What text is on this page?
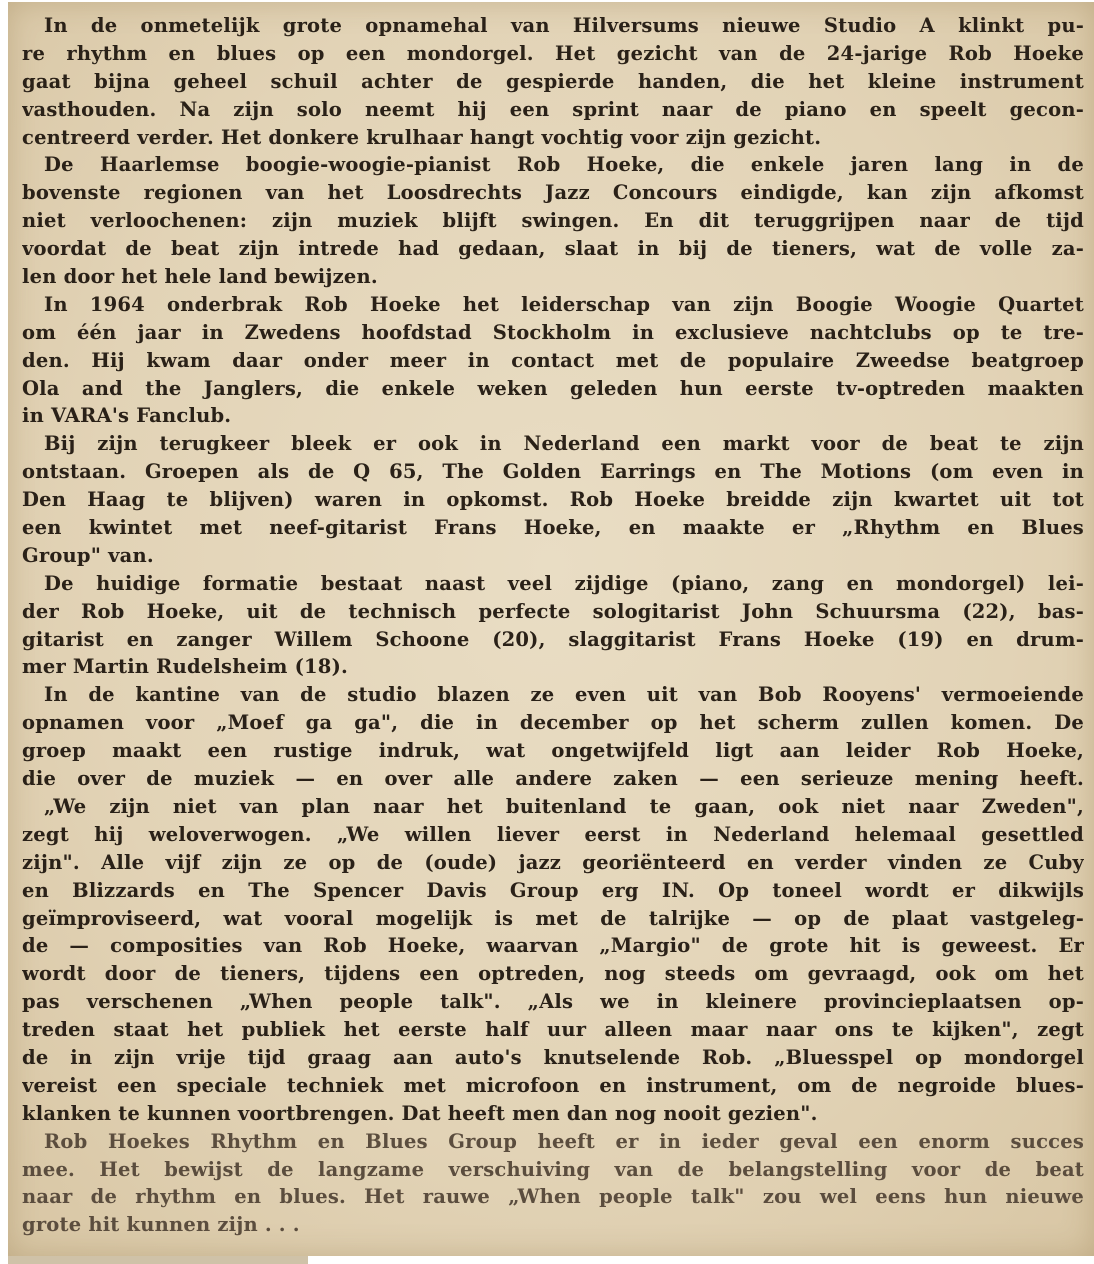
In de onmetelijk grote opnamehal van Hilversums nieuwe Studio A klinkt pu-
re rhythm en blues op een mondorgel. Het gezicht van de 24-jarige Rob Hoeke
gaat bijna geheel schuil achter de gespierde handen, die het kleine instrument
vasthouden. Na zijn solo neemt hij een sprint naar de piano en speelt gecon-
centreerd verder. Het donkere krulhaar hangt vochtig voor zijn gezicht.
De Haarlemse boogie-woogie-pianist Rob Hoeke, die enkele jaren lang in de
bovenste regionen van het Loosdrechts Jazz Concours eindigde, kan zijn afkomst
niet verloochenen: zijn muziek blijft swingen. En dit teruggrijpen naar de tijd
voordat de beat zijn intrede had gedaan, slaat in bij de tieners, wat de volle za-
len door het hele land bewijzen.
In 1964 onderbrak Rob Hoeke het leiderschap van zijn Boogie Woogie Quartet
om één jaar in Zwedens hoofdstad Stockholm in exclusieve nachtclubs op te tre-
den. Hij kwam daar onder meer in contact met de populaire Zweedse beatgroep
Ola and the Janglers, die enkele weken geleden hun eerste tv-optreden maakten
in VARA's Fanclub.
Bij zijn terugkeer bleek er ook in Nederland een markt voor de beat te zijn
ontstaan. Groepen als de Q 65, The Golden Earrings en The Motions (om even in
Den Haag te blijven) waren in opkomst. Rob Hoeke breidde zijn kwartet uit tot
een kwintet met neef-gitarist Frans Hoeke, en maakte er „Rhythm en Blues
Group" van.
De huidige formatie bestaat naast veel zijdige (piano, zang en mondorgel) lei-
der Rob Hoeke, uit de technisch perfecte sologitarist John Schuursma (22), bas-
gitarist en zanger Willem Schoone (20), slaggitarist Frans Hoeke (19) en drum-
mer Martin Rudelsheim (18).
In de kantine van de studio blazen ze even uit van Bob Rooyens' vermoeiende
opnamen voor „Moef ga ga", die in december op het scherm zullen komen. De
groep maakt een rustige indruk, wat ongetwijfeld ligt aan leider Rob Hoeke,
die over de muziek — en over alle andere zaken — een serieuze mening heeft.
„We zijn niet van plan naar het buitenland te gaan, ook niet naar Zweden",
zegt hij weloverwogen. „We willen liever eerst in Nederland helemaal gesettled
zijn". Alle vijf zijn ze op de (oude) jazz georiënteerd en verder vinden ze Cuby
en Blizzards en The Spencer Davis Group erg IN. Op toneel wordt er dikwijls
geïmproviseerd, wat vooral mogelijk is met de talrijke — op de plaat vastgeleg-
de — composities van Rob Hoeke, waarvan „Margio" de grote hit is geweest. Er
wordt door de tieners, tijdens een optreden, nog steeds om gevraagd, ook om het
pas verschenen „When people talk". „Als we in kleinere provincieplaatsen op-
treden staat het publiek het eerste half uur alleen maar naar ons te kijken", zegt
de in zijn vrije tijd graag aan auto's knutselende Rob. „Bluesspel op mondorgel
vereist een speciale techniek met microfoon en instrument, om de negroide blues-
klanken te kunnen voortbrengen. Dat heeft men dan nog nooit gezien".
Rob Hoekes Rhythm en Blues Group heeft er in ieder geval een enorm succes
mee. Het bewijst de langzame verschuiving van de belangstelling voor de beat
naar de rhythm en blues. Het rauwe „When people talk" zou wel eens hun nieuwe
grote hit kunnen zijn . . .
